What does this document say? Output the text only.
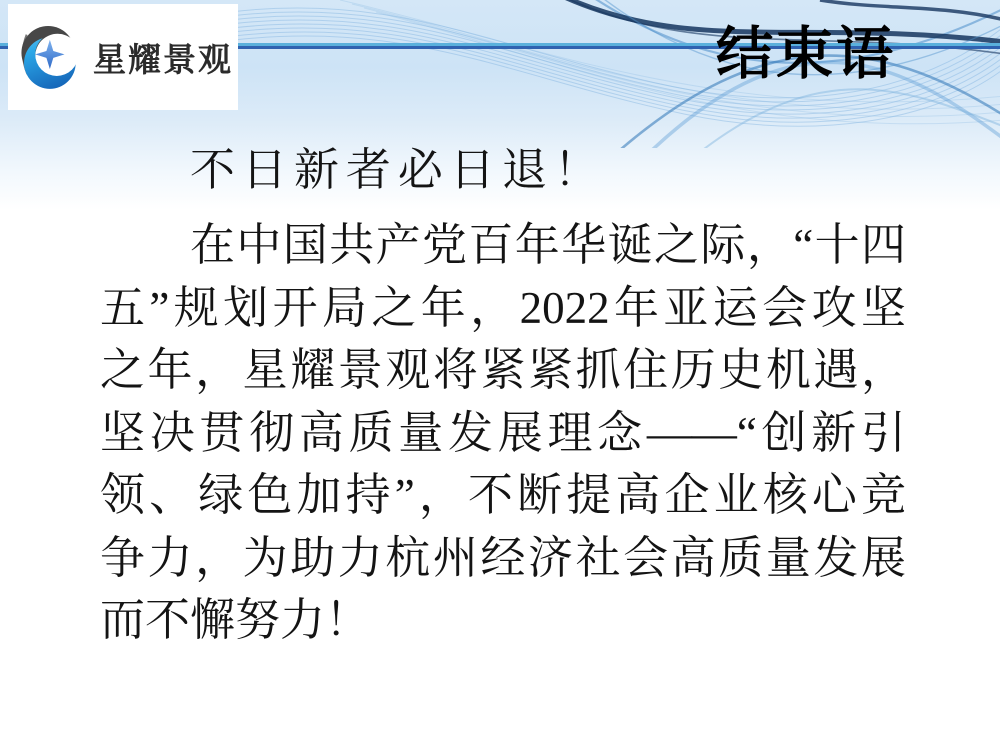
星耀景观	结束语

不日新者必日退！

在中国共产党百年华诞之际，“十四
五”规划开局之年，2022年亚运会攻坚
之年，星耀景观将紧紧抓住历史机遇，
坚决贯彻高质量发展理念——“创新引
领、绿色加持”，不断提高企业核心竞
争力，为助力杭州经济社会高质量发展
而不懈努力！
